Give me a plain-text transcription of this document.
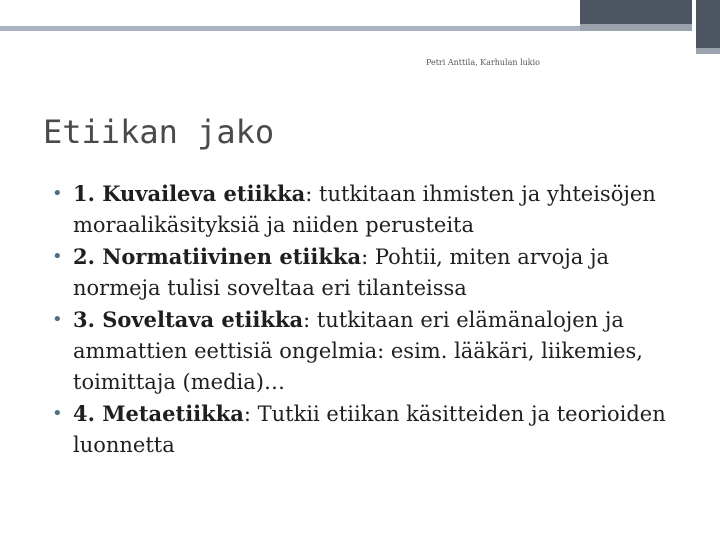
Petri Anttila, Karhulan lukio
Etiikan jako
• 1. Kuvaileva etiikka: tutkitaan ihmisten ja yhteisöjen moraalikäsityksiä ja niiden perusteita
• 2. Normatiivinen etiikka: Pohtii, miten arvoja ja normeja tulisi soveltaa eri tilanteissa
• 3. Soveltava etiikka: tutkitaan eri elämänalojen ja ammattien eettisiä ongelmia: esim. lääkäri, liikemies, toimittaja (media)…
• 4. Metaetiikka: Tutkii etiikan käsitteiden ja teorioiden luonnetta
